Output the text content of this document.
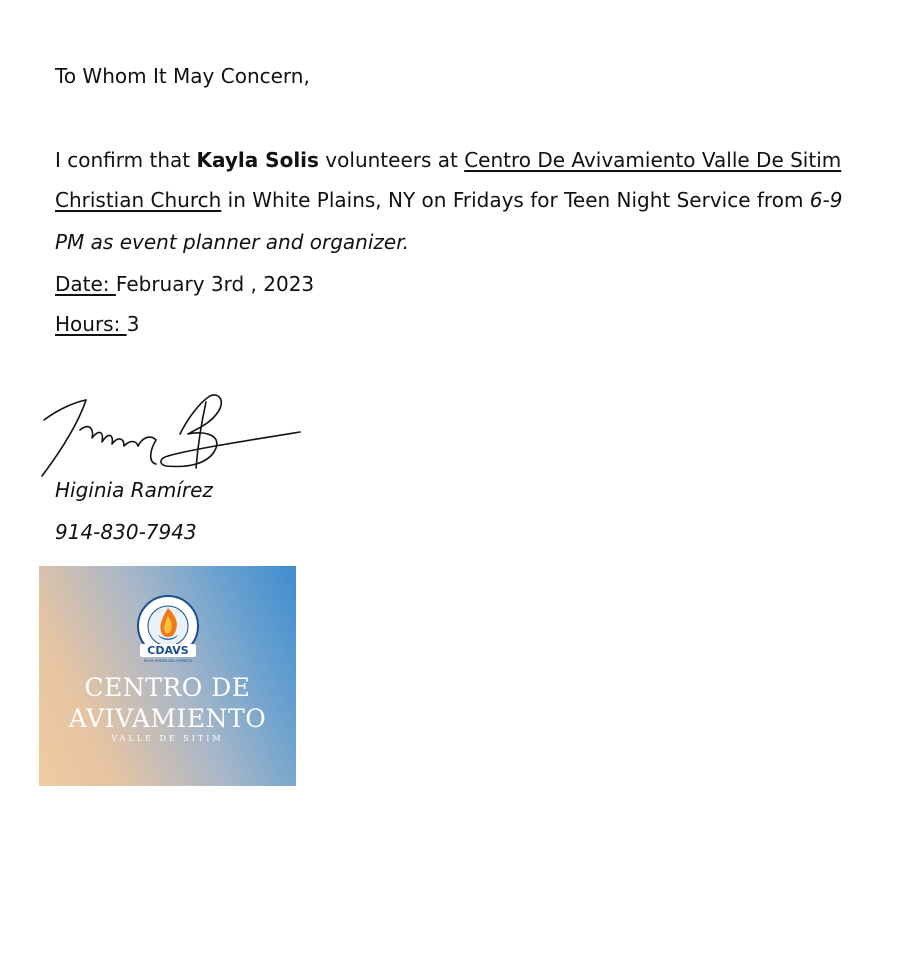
To Whom It May Concern,
I confirm that Kayla Solis volunteers at Centro De Avivamiento Valle De Sitim
Christian Church in White Plains, NY on Fridays for Teen Night Service from 6-9
PM as event planner and organizer.
Date: February 3rd , 2023
Hours: 3
Higinia Ramírez
914-830-7943
CDAVS
EN EL PODER DEL ESPIRITU
CENTRO DE
AVIVAMIENTO
VALLE DE SITIM
